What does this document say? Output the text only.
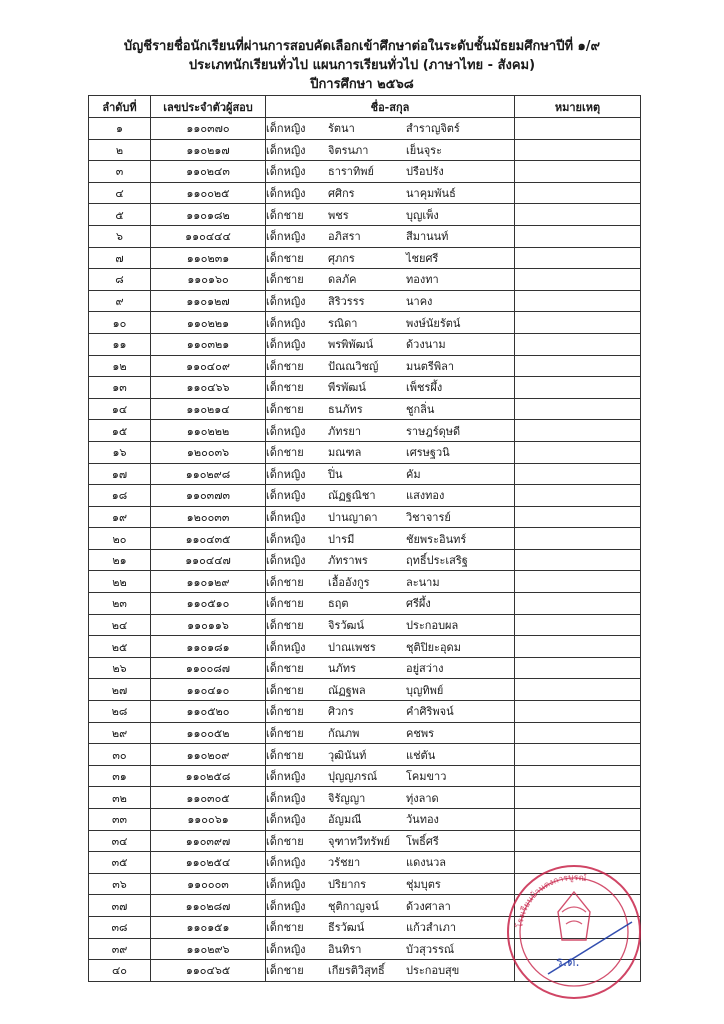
บัญชีรายชื่อนักเรียนที่ผ่านการสอบคัดเลือกเข้าศึกษาต่อในระดับชั้นมัธยมศึกษาปีที่ ๑/๙
ประเภทนักเรียนทั่วไป แผนการเรียนทั่วไป (ภาษาไทย - สังคม)
ปีการศึกษา ๒๕๖๘
ลำดับที่	เลขประจำตัวผู้สอบ	ชื่อ-สกุล	หมายเหตุ
๑	๑๑๐๓๗๐	เด็กหญิง รัตนา สำราญจิตร์	
๒	๑๑๐๒๑๗	เด็กหญิง จิตรนภา เย็นจุระ	
๓	๑๑๐๒๔๓	เด็กหญิง ธาราทิพย์ ปรือปรัง	
๔	๑๑๐๐๒๕	เด็กหญิง ศศิกร นาคุมพันธ์	
๕	๑๑๐๑๘๒	เด็กชาย พชร บุญเพ็ง	
๖	๑๑๐๔๔๔	เด็กหญิง อภิสรา สีมานนท์	
๗	๑๑๐๒๓๑	เด็กชาย ศุภกร ไชยศรี	
๘	๑๑๐๑๖๐	เด็กชาย ดลภัค ทองทา	
๙	๑๑๐๑๒๗	เด็กหญิง สิริวรรร นาคง	
๑๐	๑๑๐๒๒๑	เด็กหญิง รณิดา พงษ์นัยรัตน์	
๑๑	๑๑๐๓๒๑	เด็กหญิง พรพิพัฒน์ ด้วงนาม	
๑๒	๑๑๐๔๐๙	เด็กชาย ปัณณวิชญ์ มนตรีพิลา	
๑๓	๑๑๐๔๖๖	เด็กชาย พีรพัฒน์ เพ็ชรผึ้ง	
๑๔	๑๑๐๒๑๔	เด็กชาย ธนภัทร ชูกลิ่น	
๑๕	๑๑๐๒๒๒	เด็กหญิง ภัทรยา ราษฎร์ดุษดี	
๑๖	๑๒๐๐๓๖	เด็กชาย มณฑล เศรษฐวนิ	
๑๗	๑๑๐๒๙๘	เด็กหญิง ปิ่น คัม	
๑๘	๑๑๐๓๗๓	เด็กหญิง ณัฏฐณิชา แสงทอง	
๑๙	๑๒๐๐๓๓	เด็กหญิง ปานญาดา วิชาจารย์	
๒๐	๑๑๐๔๓๕	เด็กหญิง ปารมี ชัยพระอินทร์	
๒๑	๑๑๐๔๔๗	เด็กหญิง ภัทราพร ฤทธิ์ประเสริฐ	
๒๒	๑๑๐๑๒๙	เด็กชาย เอื้ออังกูร ละนาม	
๒๓	๑๑๐๕๑๐	เด็กชาย ธฤต ศรีผึ้ง	
๒๔	๑๑๐๑๑๖	เด็กชาย จิรวัฒน์ ประกอบผล	
๒๕	๑๑๐๑๘๑	เด็กหญิง ปาณเพชร ชุติปิยะอุดม	
๒๖	๑๑๐๐๘๗	เด็กชาย นภัทร อยู่สว่าง	
๒๗	๑๑๐๔๑๐	เด็กชาย ณัฏฐพล บุญทิพย์	
๒๘	๑๑๐๕๒๐	เด็กชาย ศิวกร คำศิริพจน์	
๒๙	๑๑๐๐๕๒	เด็กชาย กัณภพ คชพร	
๓๐	๑๑๐๒๐๙	เด็กชาย วุฒินันท์ แช่ตัน	
๓๑	๑๑๐๒๕๘	เด็กหญิง ปุญญภรณ์ โคมขาว	
๓๒	๑๑๐๓๐๕	เด็กหญิง จิรัญญา ทุ่งลาด	
๓๓	๑๑๐๐๖๑	เด็กหญิง อัญมณี วันทอง	
๓๔	๑๑๐๓๙๗	เด็กชาย จุฑาทวีทรัพย์ โพธิ์ศรี	
๓๕	๑๑๐๒๕๔	เด็กหญิง วรัชยา แดงนวล	
๓๖	๑๑๐๐๐๓	เด็กหญิง ปริยากร ชุ่มบุตร	
๓๗	๑๑๐๒๘๗	เด็กหญิง ชุติกาญจน์ ด้วงศาลา	
๓๘	๑๑๐๑๕๑	เด็กชาย ธีรวัฒน์ แก้วสำเภา	
๓๙	๑๑๐๒๙๖	เด็กหญิง อินทิรา บัวสุวรรณ์	
๔๐	๑๑๐๔๖๕	เด็กชาย เกียรติวิสุทธิ์ ประกอบสุข	
ร.ด.
โรงเรียนบ้านดงการบูรณ์
